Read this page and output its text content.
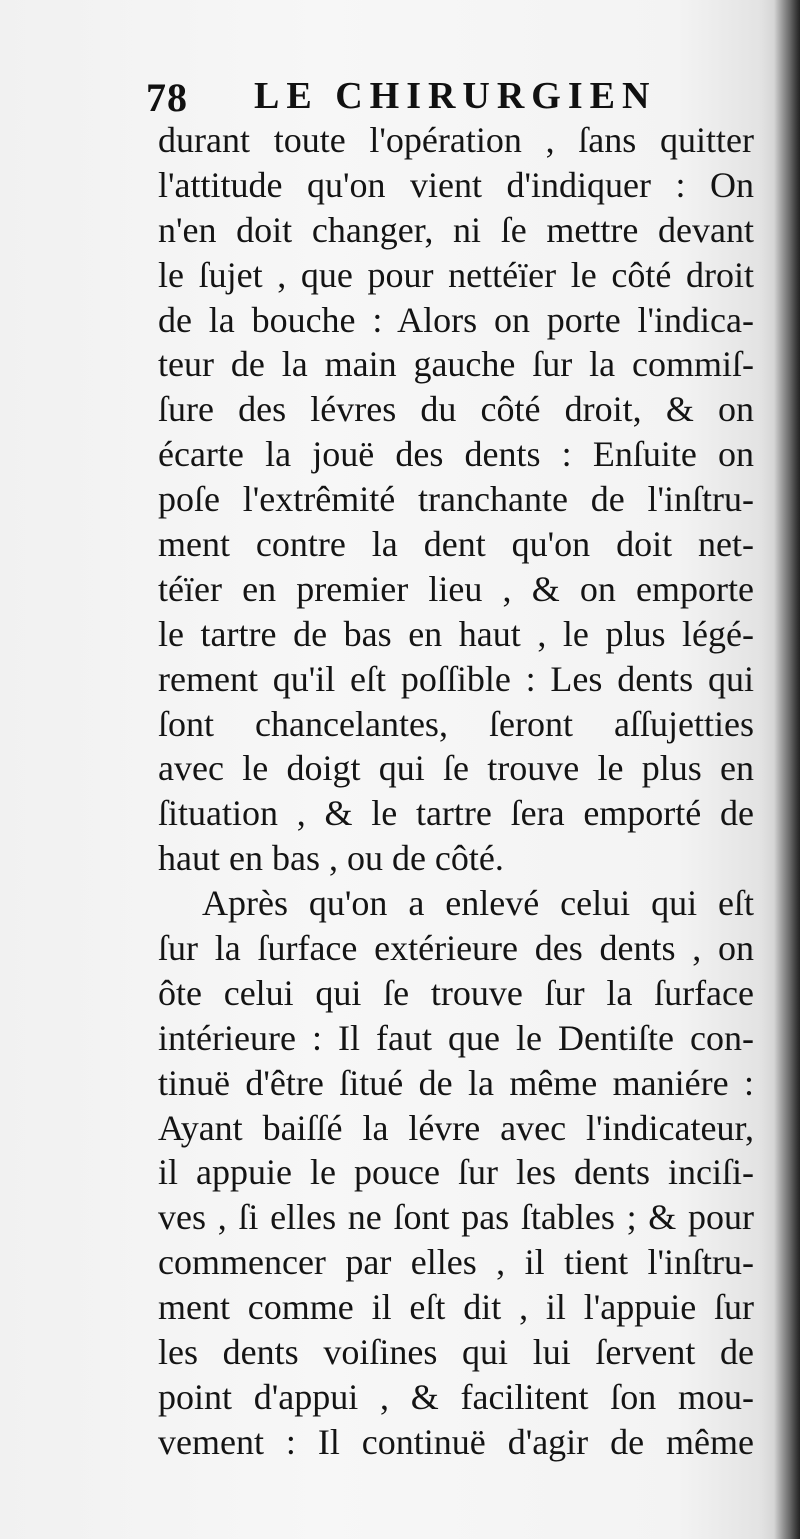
78 LE CHIRURGIEN
durant toute l'opération , ſans quitter
l'attitude qu'on vient d'indiquer : On
n'en doit changer, ni ſe mettre devant
le ſujet , que pour nettéïer le côté droit
de la bouche : Alors on porte l'indica-
teur de la main gauche ſur la commiſ-
ſure des lévres du côté droit, & on
écarte la jouë des dents : Enſuite on
poſe l'extrêmité tranchante de l'inſtru-
ment contre la dent qu'on doit net-
téïer en premier lieu , & on emporte
le tartre de bas en haut , le plus légé-
rement qu'il eſt poſſible : Les dents qui
ſont chancelantes, ſeront aſſujetties
avec le doigt qui ſe trouve le plus en
ſituation , & le tartre ſera emporté de
haut en bas , ou de côté.
Après qu'on a enlevé celui qui eſt
ſur la ſurface extérieure des dents , on
ôte celui qui ſe trouve ſur la ſurface
intérieure : Il faut que le Dentiſte con-
tinuë d'être ſitué de la même maniére :
Ayant baiſſé la lévre avec l'indicateur,
il appuie le pouce ſur les dents inciſi-
ves , ſi elles ne ſont pas ſtables ; & pour
commencer par elles , il tient l'inſtru-
ment comme il eſt dit , il l'appuie ſur
les dents voiſines qui lui ſervent de
point d'appui , & facilitent ſon mou-
vement : Il continuë d'agir de même
